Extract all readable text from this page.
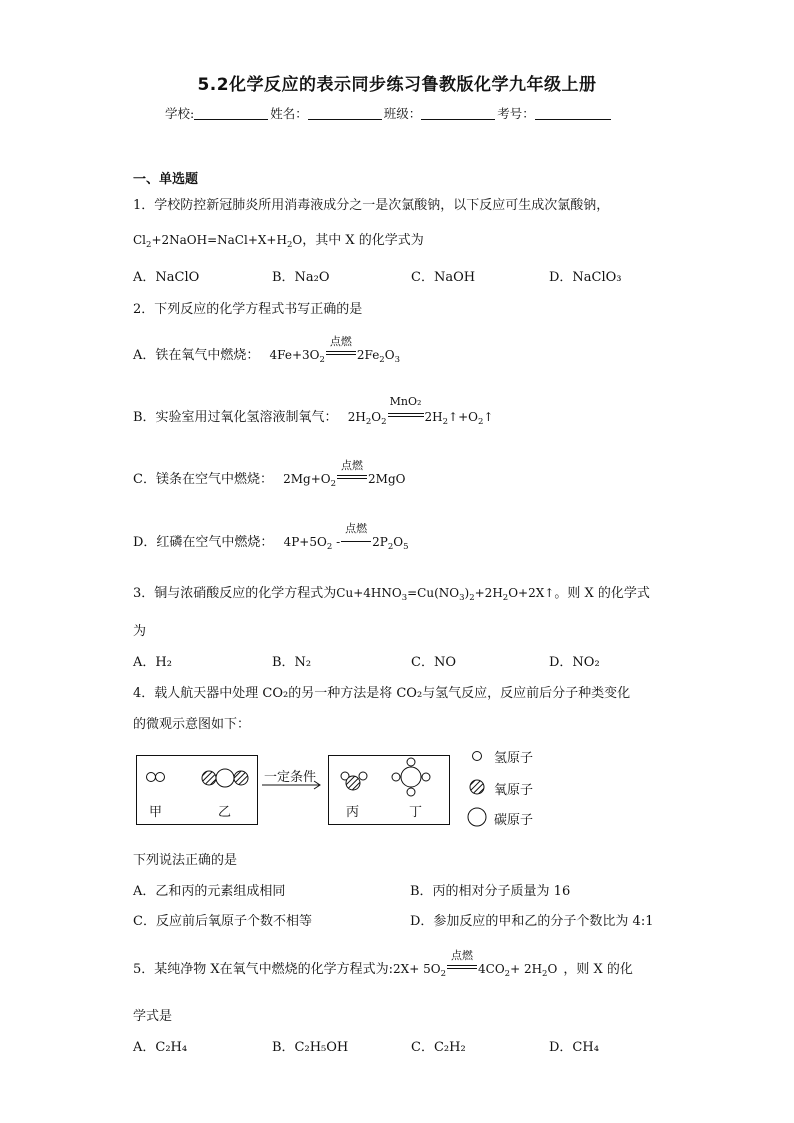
5.2化学反应的表示同步练习鲁教版化学九年级上册
学校:	姓名：	班级：	考号：
一、单选题
1．学校防控新冠肺炎所用消毒液成分之一是次氯酸钠，以下反应可生成次氯酸钠，
$Cl_2+2NaOH=NaCl+X+H_2O$，其中 X 的化学式为
A．NaClO	B．Na₂O	C．NaOH	D．NaClO₃
2．下列反应的化学方程式书写正确的是
A．铁在氧气中燃烧： $4Fe+3O_2$
点燃
$2Fe_2O_3$
B．实验室用过氧化氢溶液制氧气： $2H_2O_2$
MnO₂
$2H_2↑+O_2↑$
C．镁条在空气中燃烧： $2Mg+O_2$
点燃
2MgO
D．红磷在空气中燃烧： $4P+5O_2$ -
点燃
$2P_2O_5$
3．铜与浓硝酸反应的化学方程式为$Cu+4HNO_3=Cu(NO_3)_2+2H_2O+2X↑$。则 X 的化学式
为
A．H₂	B．N₂	C．NO	D．NO₂
4．载人航天器中处理 CO₂的另一种方法是将 CO₂与氢气反应，反应前后分子种类变化
的微观示意图如下：
甲	乙
一定条件
丙	丁
氢原子
氧原子
碳原子
下列说法正确的是
A．乙和丙的元素组成相同	B．丙的相对分子质量为 16
C．反应前后氧原子个数不相等	D．参加反应的甲和乙的分子个数比为 4:1
5．某纯净物 X在氧气中燃烧的化学方程式为:2X+ $5O_2$
点燃
$4CO_2+ 2H_2O$ ，则 X 的化
学式是
A．C₂H₄	B．C₂H₅OH	C．C₂H₂	D．CH₄
